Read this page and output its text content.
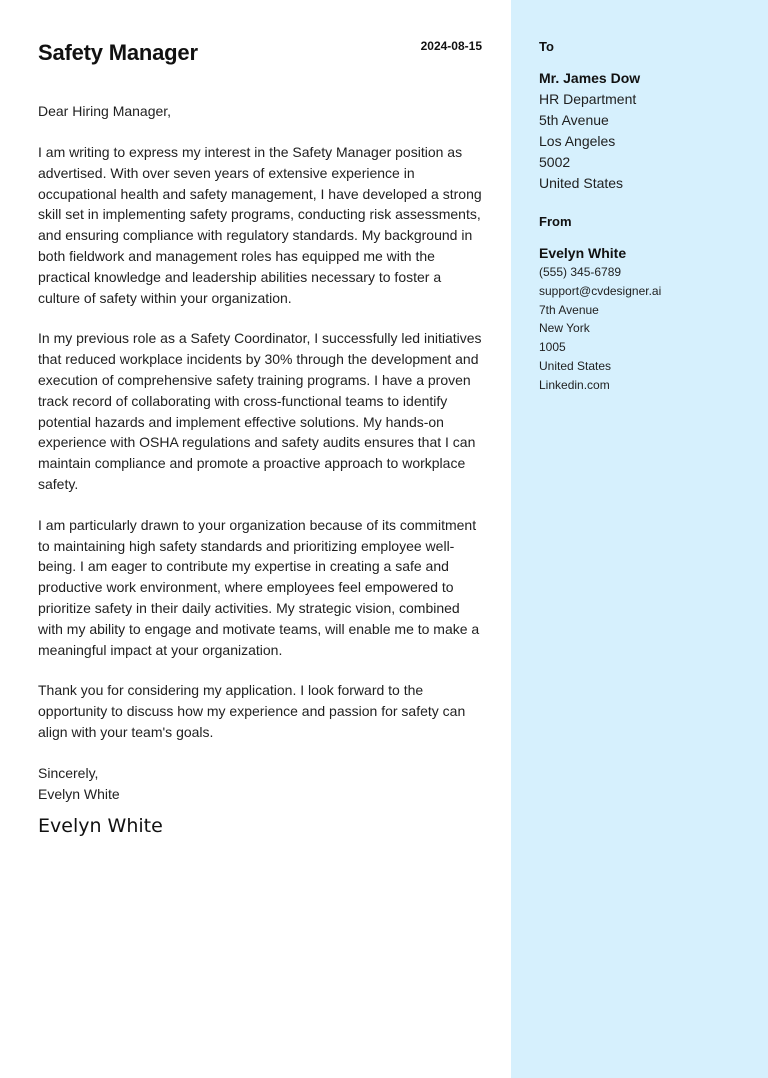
Safety Manager	2024-08-15

Dear Hiring Manager,

I am writing to express my interest in the Safety Manager position as advertised. With over seven years of extensive experience in occupational health and safety management, I have developed a strong skill set in implementing safety programs, conducting risk assessments, and ensuring compliance with regulatory standards. My background in both fieldwork and management roles has equipped me with the practical knowledge and leadership abilities necessary to foster a culture of safety within your organization.

In my previous role as a Safety Coordinator, I successfully led initiatives that reduced workplace incidents by 30% through the development and execution of comprehensive safety training programs. I have a proven track record of collaborating with cross-functional teams to identify potential hazards and implement effective solutions. My hands-on experience with OSHA regulations and safety audits ensures that I can maintain compliance and promote a proactive approach to workplace safety.

I am particularly drawn to your organization because of its commitment to maintaining high safety standards and prioritizing employee well-being. I am eager to contribute my expertise in creating a safe and productive work environment, where employees feel empowered to prioritize safety in their daily activities. My strategic vision, combined with my ability to engage and motivate teams, will enable me to make a meaningful impact at your organization.

Thank you for considering my application. I look forward to the opportunity to discuss how my experience and passion for safety can align with your team's goals.

Sincerely,
Evelyn White
Evelyn White
To
Mr. James Dow
HR Department
5th Avenue
Los Angeles
5002
United States
From
Evelyn White
(555) 345-6789
support@cvdesigner.ai
7th Avenue
New York
1005
United States
Linkedin.com
